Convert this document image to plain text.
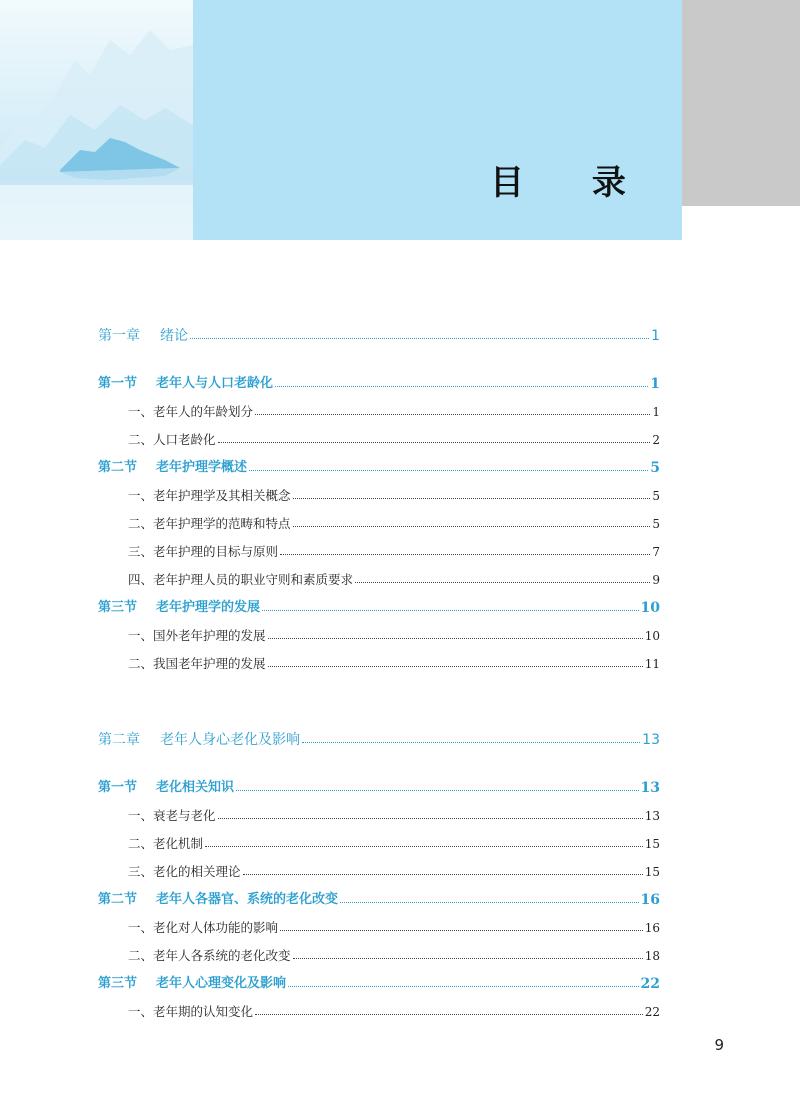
目 录
第一章 绪论	1
第一节 老年人与人口老龄化	1
一、老年人的年龄划分	1
二、人口老龄化	2
第二节 老年护理学概述	5
一、老年护理学及其相关概念	5
二、老年护理学的范畴和特点	5
三、老年护理的目标与原则	7
四、老年护理人员的职业守则和素质要求	9
第三节 老年护理学的发展	10
一、国外老年护理的发展	10
二、我国老年护理的发展	11
第二章 老年人身心老化及影响	13
第一节 老化相关知识	13
一、衰老与老化	13
二、老化机制	15
三、老化的相关理论	15
第二节 老年人各器官、系统的老化改变	16
一、老化对人体功能的影响	16
二、老年人各系统的老化改变	18
第三节 老年人心理变化及影响	22
一、老年期的认知变化	22
9
